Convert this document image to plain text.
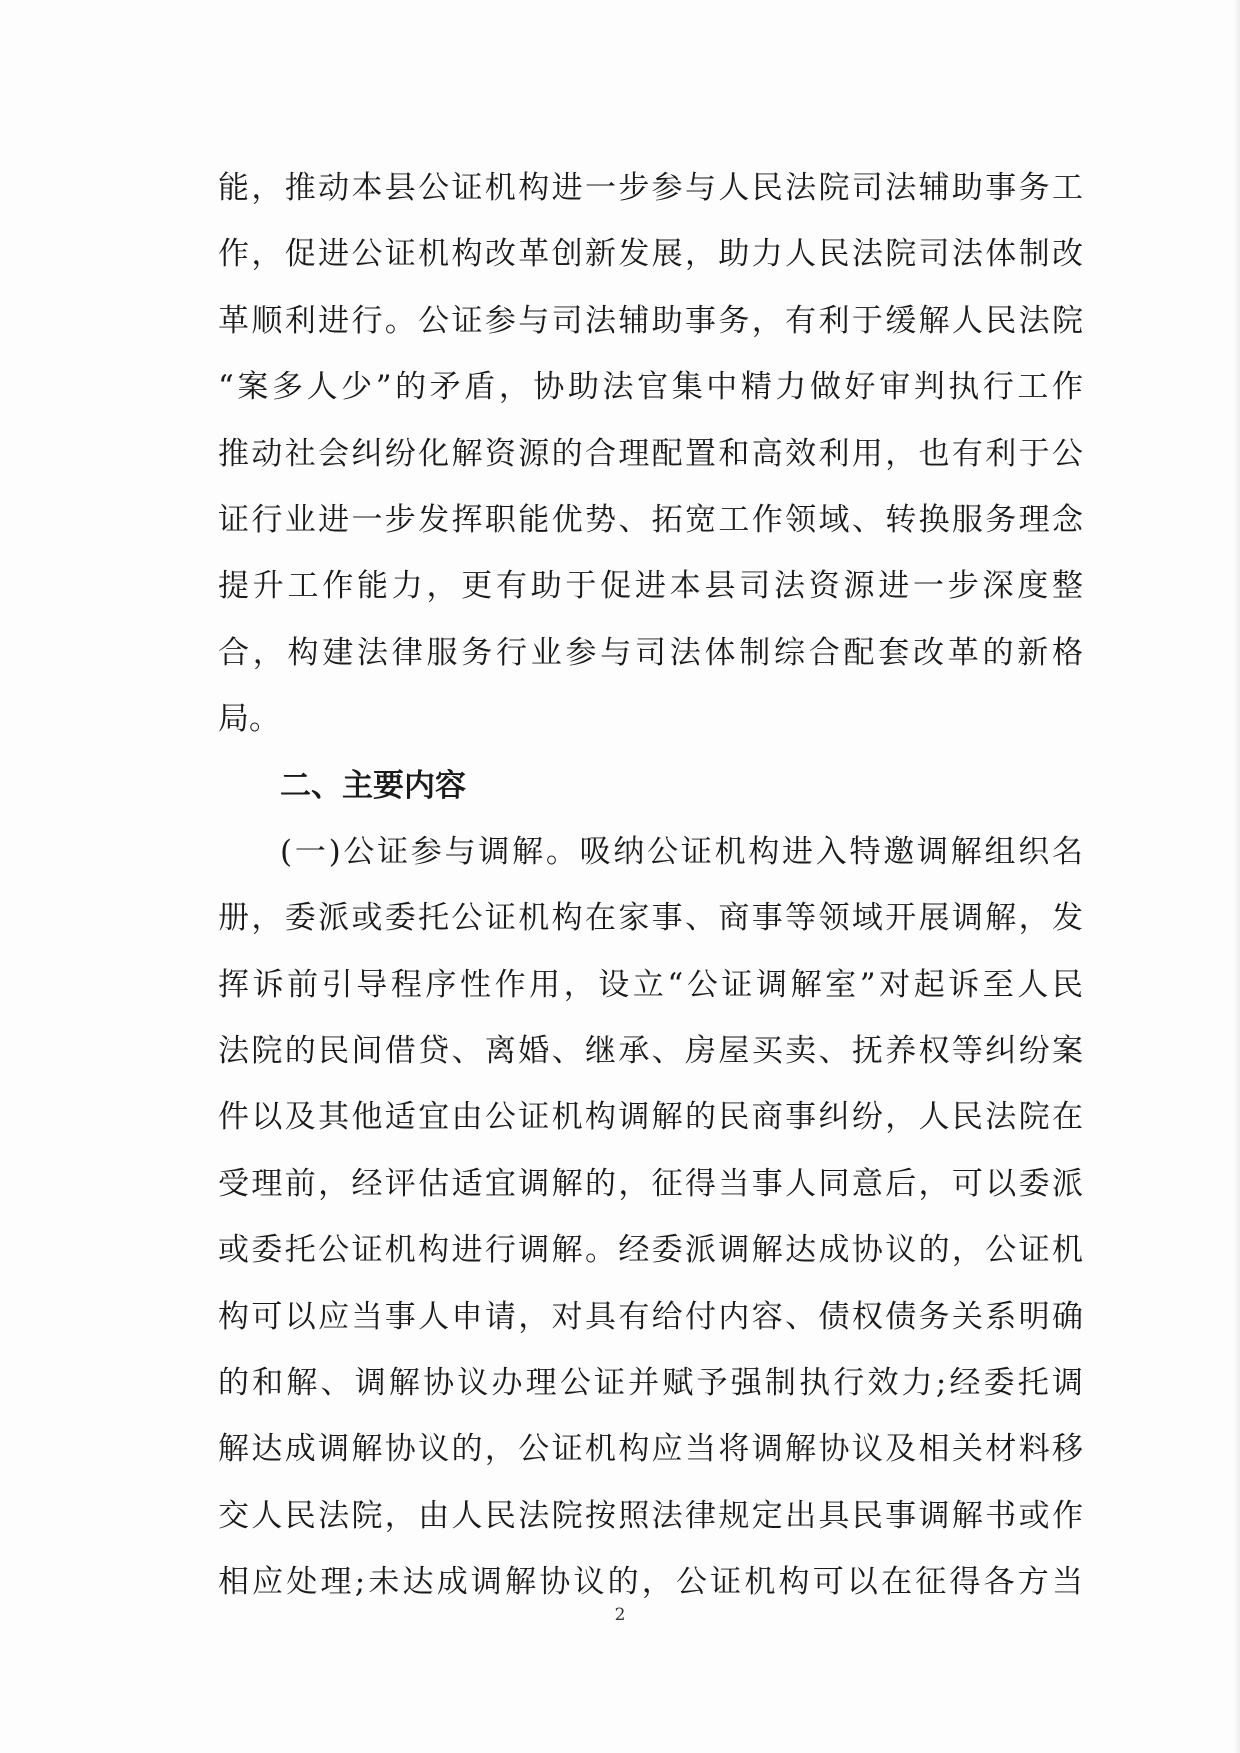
能，推动本县公证机构进一步参与人民法院司法辅助事务工
作，促进公证机构改革创新发展，助力人民法院司法体制改
革顺利进行。公证参与司法辅助事务，有利于缓解人民法院
“案多人少”的矛盾，协助法官集中精力做好审判执行工作
推动社会纠纷化解资源的合理配置和高效利用，也有利于公
证行业进一步发挥职能优势、拓宽工作领域、转换服务理念
提升工作能力，更有助于促进本县司法资源进一步深度整
合，构建法律服务行业参与司法体制综合配套改革的新格
局。
二、主要内容
(一)公证参与调解。吸纳公证机构进入特邀调解组织名
册，委派或委托公证机构在家事、商事等领域开展调解，发
挥诉前引导程序性作用，设立“公证调解室”对起诉至人民
法院的民间借贷、离婚、继承、房屋买卖、抚养权等纠纷案
件以及其他适宜由公证机构调解的民商事纠纷，人民法院在
受理前，经评估适宜调解的，征得当事人同意后，可以委派
或委托公证机构进行调解。经委派调解达成协议的，公证机
构可以应当事人申请，对具有给付内容、债权债务关系明确
的和解、调解协议办理公证并赋予强制执行效力;经委托调
解达成调解协议的，公证机构应当将调解协议及相关材料移
交人民法院，由人民法院按照法律规定出具民事调解书或作
相应处理;未达成调解协议的，公证机构可以在征得各方当
2
